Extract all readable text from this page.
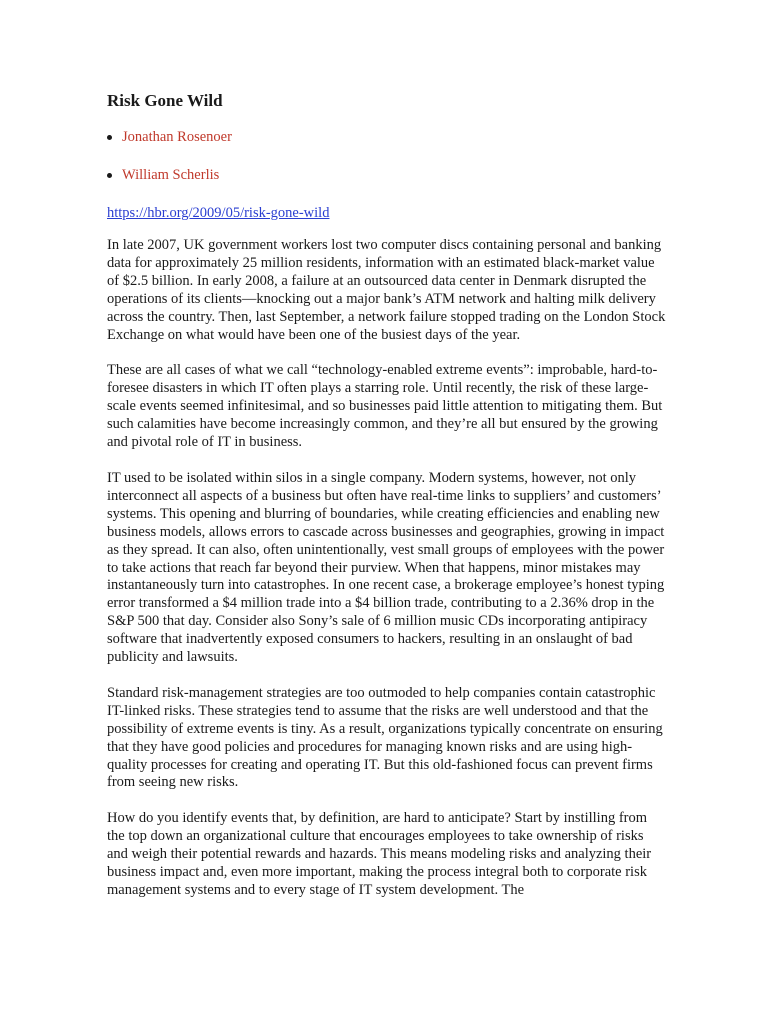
Risk Gone Wild
Jonathan Rosenoer
William Scherlis
https://hbr.org/2009/05/risk-gone-wild

In late 2007, UK government workers lost two computer discs containing personal and banking data for approximately 25 million residents, information with an estimated black-market value of $2.5 billion. In early 2008, a failure at an outsourced data center in Denmark disrupted the operations of its clients—knocking out a major bank’s ATM network and halting milk delivery across the country. Then, last September, a network failure stopped trading on the London Stock Exchange on what would have been one of the busiest days of the year.

These are all cases of what we call “technology-enabled extreme events”: improbable, hard-to-foresee disasters in which IT often plays a starring role. Until recently, the risk of these large-scale events seemed infinitesimal, and so businesses paid little attention to mitigating them. But such calamities have become increasingly common, and they’re all but ensured by the growing and pivotal role of IT in business.

IT used to be isolated within silos in a single company. Modern systems, however, not only interconnect all aspects of a business but often have real-time links to suppliers’ and customers’ systems. This opening and blurring of boundaries, while creating efficiencies and enabling new business models, allows errors to cascade across businesses and geographies, growing in impact as they spread. It can also, often unintentionally, vest small groups of employees with the power to take actions that reach far beyond their purview. When that happens, minor mistakes may instantaneously turn into catastrophes. In one recent case, a brokerage employee’s honest typing error transformed a $4 million trade into a $4 billion trade, contributing to a 2.36% drop in the S&P 500 that day. Consider also Sony’s sale of 6 million music CDs incorporating antipiracy software that inadvertently exposed consumers to hackers, resulting in an onslaught of bad publicity and lawsuits.

Standard risk-management strategies are too outmoded to help companies contain catastrophic IT-linked risks. These strategies tend to assume that the risks are well understood and that the possibility of extreme events is tiny. As a result, organizations typically concentrate on ensuring that they have good policies and procedures for managing known risks and are using high-quality processes for creating and operating IT. But this old-fashioned focus can prevent firms from seeing new risks.

How do you identify events that, by definition, are hard to anticipate? Start by instilling from the top down an organizational culture that encourages employees to take ownership of risks and weigh their potential rewards and hazards. This means modeling risks and analyzing their business impact and, even more important, making the process integral both to corporate risk management systems and to every stage of IT system development. The
